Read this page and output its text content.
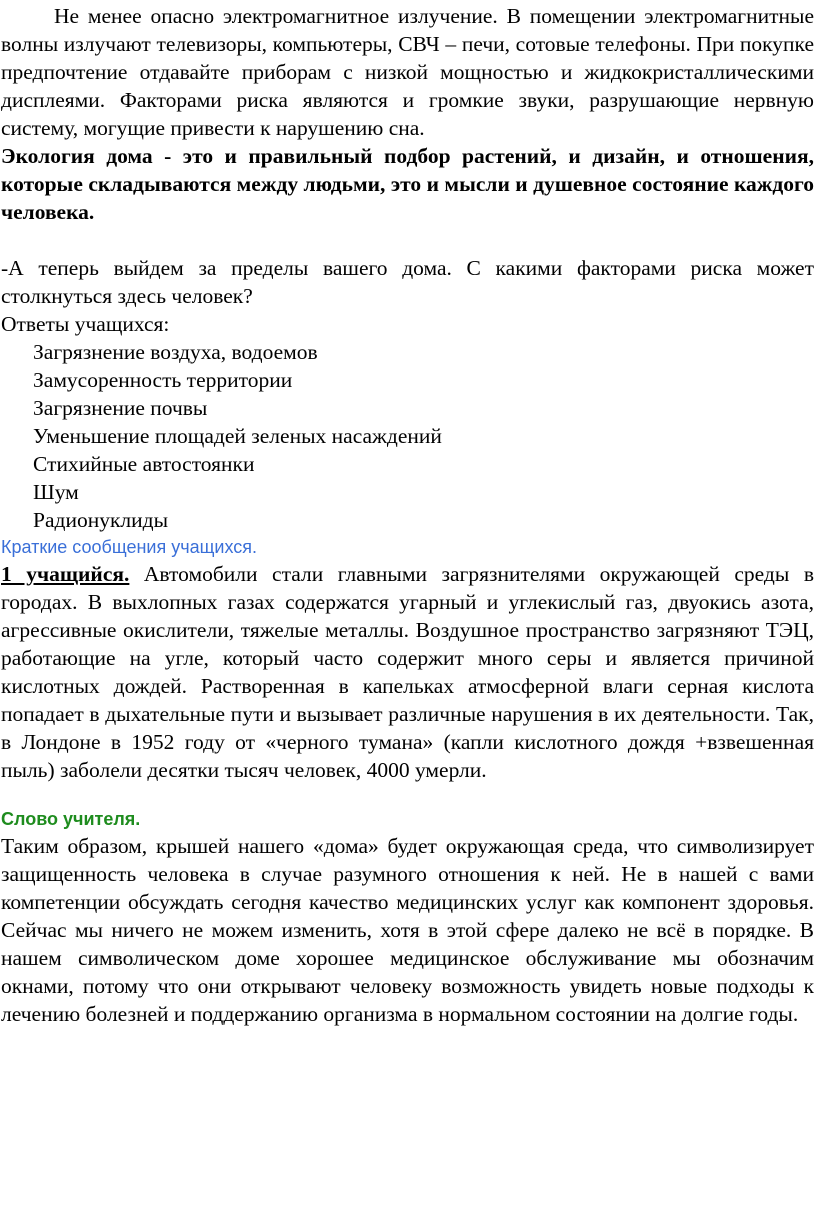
Не менее опасно электромагнитное излучение. В помещении электромагнитные волны излучают телевизоры, компьютеры, СВЧ – печи, сотовые телефоны. При покупке предпочтение отдавайте приборам с низкой мощностью и жидкокристаллическими дисплеями. Факторами риска являются и громкие звуки, разрушающие нервную систему, могущие привести к нарушению сна.

Экология дома - это и правильный подбор растений, и дизайн, и отношения, которые складываются между людьми, это и мысли и душевное состояние каждого человека.

-А теперь выйдем за пределы вашего дома. С какими факторами риска может столкнуться здесь человек?

Ответы учащихся:

Загрязнение воздуха, водоемов
Замусоренность территории
Загрязнение почвы
Уменьшение площадей зеленых насаждений
Стихийные автостоянки
Шум
Радионуклиды

Краткие сообщения учащихся.

1 учащийся. Автомобили стали главными загрязнителями окружающей среды в городах. В выхлопных газах содержатся угарный и углекислый газ, двуокись азота, агрессивные окислители, тяжелые металлы. Воздушное пространство загрязняют ТЭЦ, работающие на угле, который часто содержит много серы и является причиной кислотных дождей. Растворенная в капельках атмосферной влаги серная кислота попадает в дыхательные пути и вызывает различные нарушения в их деятельности. Так, в Лондоне в 1952 году от «черного тумана» (капли кислотного дождя +взвешенная пыль) заболели десятки тысяч человек, 4000 умерли.

Слово учителя.

Таким образом, крышей нашего «дома» будет окружающая среда, что символизирует защищенность человека в случае разумного отношения к ней. Не в нашей с вами компетенции обсуждать сегодня качество медицинских услуг как компонент здоровья. Сейчас мы ничего не можем изменить, хотя в этой сфере далеко не всё в порядке. В нашем символическом доме хорошее медицинское обслуживание мы обозначим окнами, потому что они открывают человеку возможность увидеть новые подходы к лечению болезней и поддержанию организма в нормальном состоянии на долгие годы.
